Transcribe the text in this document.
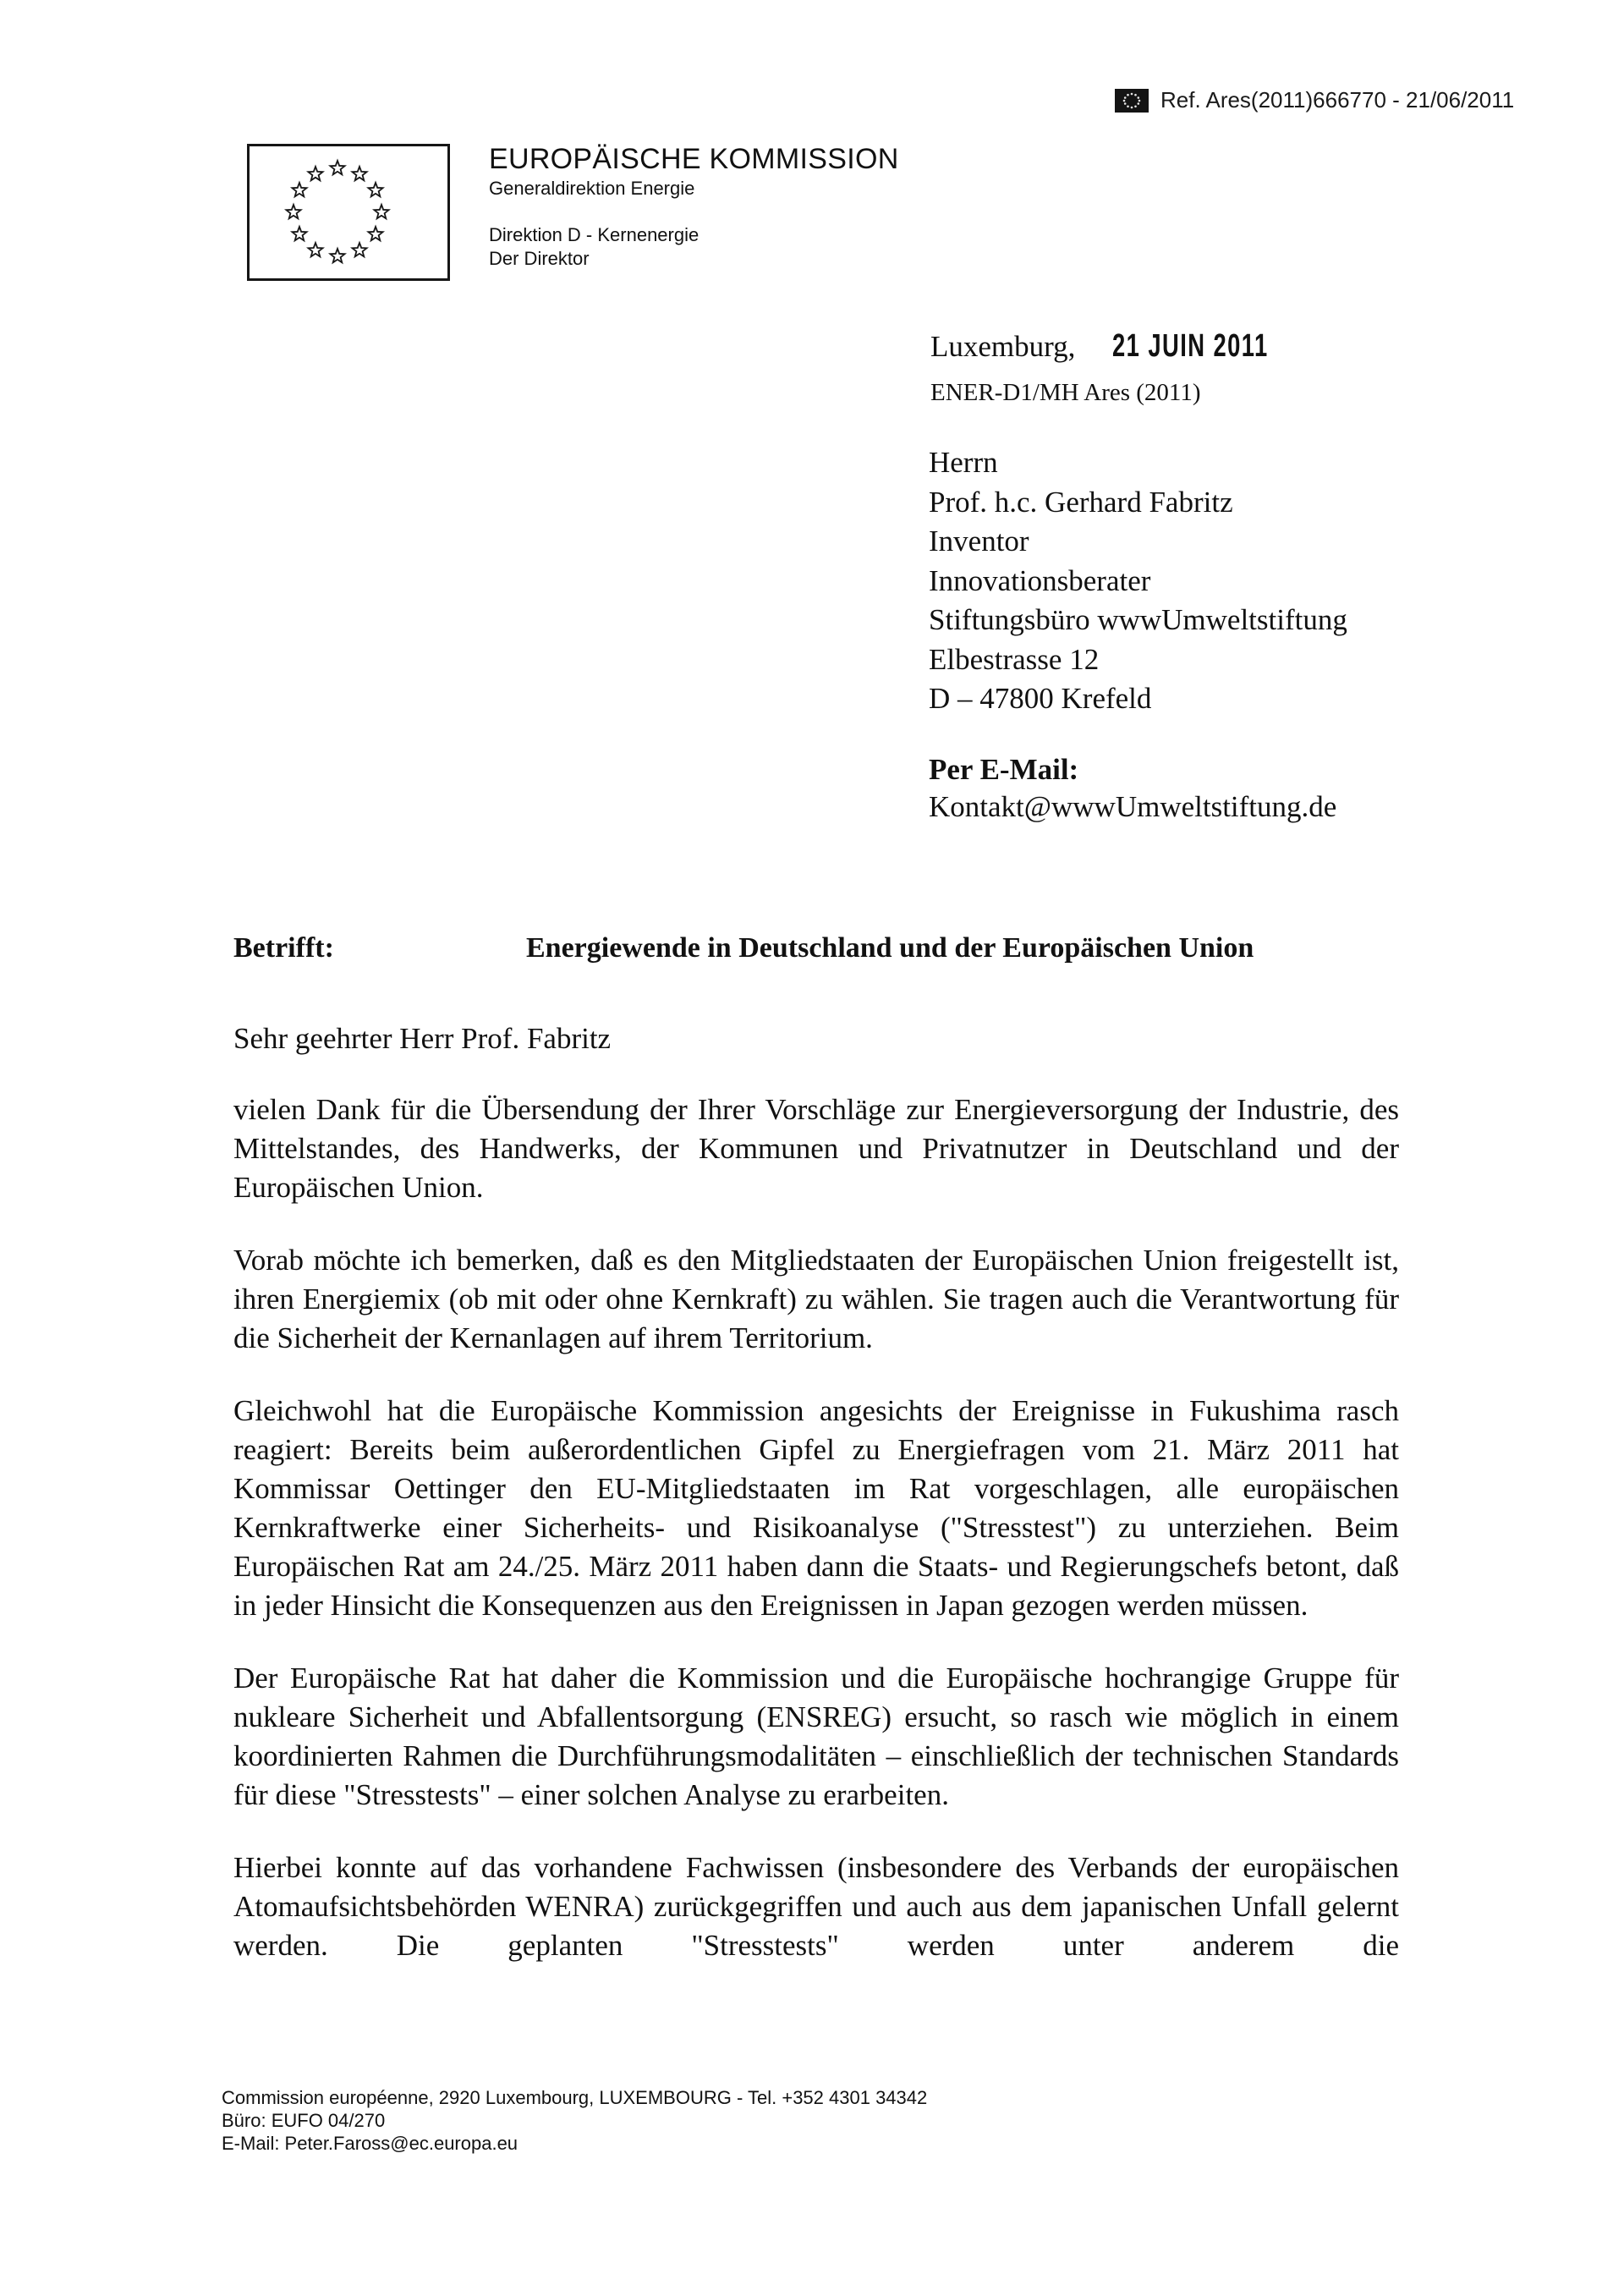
Ref. Ares(2011)666770 - 21/06/2011
EUROPÄISCHE KOMMISSION
Generaldirektion Energie
Direktion D - Kernenergie
Der Direktor
Luxemburg, 21 JUIN 2011
ENER-D1/MH Ares (2011)
Herrn
Prof. h.c. Gerhard Fabritz
Inventor
Innovationsberater
Stiftungsbüro wwwUmweltstiftung
Elbestrasse 12
D – 47800 Krefeld
Per E-Mail:
Kontakt@wwwUmweltstiftung.de
Betrifft:	Energiewende in Deutschland und der Europäischen Union
Sehr geehrter Herr Prof. Fabritz

vielen Dank für die Übersendung der Ihrer Vorschläge zur Energieversorgung der Industrie, des Mittelstandes, des Handwerks, der Kommunen und Privatnutzer in Deutschland und der Europäischen Union.

Vorab möchte ich bemerken, daß es den Mitgliedstaaten der Europäischen Union freigestellt ist, ihren Energiemix (ob mit oder ohne Kernkraft) zu wählen. Sie tragen auch die Verantwortung für die Sicherheit der Kernanlagen auf ihrem Territorium.

Gleichwohl hat die Europäische Kommission angesichts der Ereignisse in Fukushima rasch reagiert: Bereits beim außerordentlichen Gipfel zu Energiefragen vom 21. März 2011 hat Kommissar Oettinger den EU-Mitgliedstaaten im Rat vorgeschlagen, alle europäischen Kernkraftwerke einer Sicherheits- und Risikoanalyse ("Stresstest") zu unterziehen. Beim Europäischen Rat am 24./25. März 2011 haben dann die Staats- und Regierungschefs betont, daß in jeder Hinsicht die Konsequenzen aus den Ereignissen in Japan gezogen werden müssen.

Der Europäische Rat hat daher die Kommission und die Europäische hochrangige Gruppe für nukleare Sicherheit und Abfallentsorgung (ENSREG) ersucht, so rasch wie möglich in einem koordinierten Rahmen die Durchführungsmodalitäten – einschließlich der technischen Standards für diese "Stresstests" – einer solchen Analyse zu erarbeiten.

Hierbei konnte auf das vorhandene Fachwissen (insbesondere des Verbands der europäischen Atomaufsichtsbehörden WENRA) zurückgegriffen und auch aus dem japanischen Unfall gelernt werden. Die geplanten "Stresstests" werden unter anderem die

Commission européenne, 2920 Luxembourg, LUXEMBOURG - Tel. +352 4301 34342
Büro: EUFO 04/270
E-Mail: Peter.Faross@ec.europa.eu
